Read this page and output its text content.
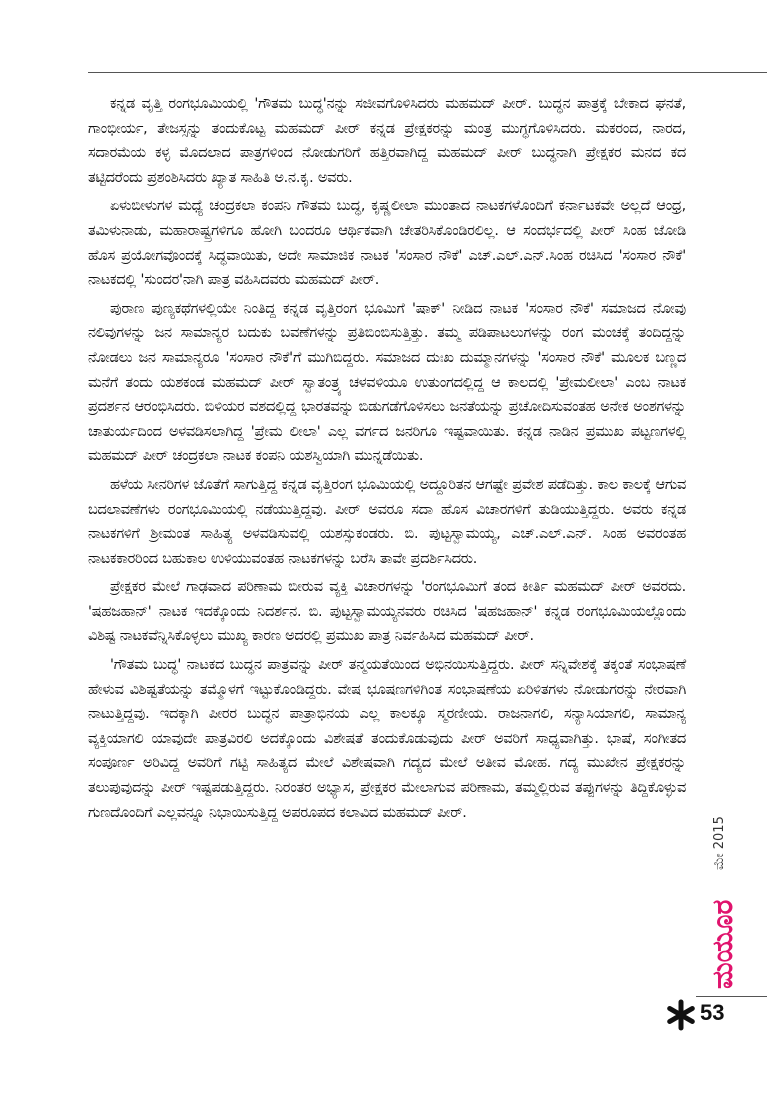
ಕನ್ನಡ ವೃತ್ತಿ ರಂಗಭೂಮಿಯಲ್ಲಿ 'ಗೌತಮ ಬುದ್ಧ'ನನ್ನು ಸಜೀವಗೊಳಿಸಿದರು ಮಹಮದ್ ಪೀರ್. ಬುದ್ಧನ ಪಾತ್ರಕ್ಕೆ ಬೇಕಾದ ಘನತೆ, ಗಾಂಭೀರ್ಯ, ತೇಜಸ್ಸನ್ನು ತಂದುಕೊಟ್ಟ ಮಹಮದ್ ಪೀರ್ ಕನ್ನಡ ಪ್ರೇಕ್ಷಕರನ್ನು ಮಂತ್ರ ಮುಗ್ಧಗೊಳಿಸಿದರು. ಮಕರಂದ, ನಾರದ, ಸದಾರಮೆಯ ಕಳ್ಳ ಮೊದಲಾದ ಪಾತ್ರಗಳಿಂದ ನೋಡುಗರಿಗೆ ಹತ್ತಿರವಾಗಿದ್ದ ಮಹಮದ್ ಪೀರ್ ಬುದ್ಧನಾಗಿ ಪ್ರೇಕ್ಷಕರ ಮನದ ಕದ ತಟ್ಟಿದರೆಂದು ಪ್ರಶಂಶಿಸಿದರು ಖ್ಯಾತ ಸಾಹಿತಿ ಅ.ನ.ಕೃ. ಅವರು.

ಏಳುಬೀಳುಗಳ ಮಧ್ಯೆ ಚಂದ್ರಕಲಾ ಕಂಪನಿ ಗೌತಮ ಬುದ್ಧ, ಕೃಷ್ಣಲೀಲಾ ಮುಂತಾದ ನಾಟಕಗಳೊಂದಿಗೆ ಕರ್ನಾಟಕವೇ ಅಲ್ಲದೆ ಆಂಧ್ರ, ತಮಿಳುನಾಡು, ಮಹಾರಾಷ್ಟ್ರಗಳಿಗೂ ಹೋಗಿ ಬಂದರೂ ಆರ್ಥಿಕವಾಗಿ ಚೇತರಿಸಿಕೊಂಡಿರಲಿಲ್ಲ. ಆ ಸಂದರ್ಭದಲ್ಲಿ ಪೀರ್ ಸಿಂಹ ಜೋಡಿ ಹೊಸ ಪ್ರಯೋಗವೊಂದಕ್ಕೆ ಸಿದ್ಧವಾಯಿತು, ಅದೇ ಸಾಮಾಜಿಕ ನಾಟಕ 'ಸಂಸಾರ ನೌಕೆ' ಎಚ್.ಎಲ್.ಎನ್.ಸಿಂಹ ರಚಿಸಿದ 'ಸಂಸಾರ ನೌಕೆ' ನಾಟಕದಲ್ಲಿ 'ಸುಂದರ'ನಾಗಿ ಪಾತ್ರ ವಹಿಸಿದವರು ಮಹಮದ್ ಪೀರ್.

ಪುರಾಣ ಪುಣ್ಯಕಥೆಗಳಲ್ಲಿಯೇ ನಿಂತಿದ್ದ ಕನ್ನಡ ವೃತ್ತಿರಂಗ ಭೂಮಿಗೆ 'ಷಾಕ್' ನೀಡಿದ ನಾಟಕ 'ಸಂಸಾರ ನೌಕೆ' ಸಮಾಜದ ನೋವು ನಲಿವುಗಳನ್ನು ಜನ ಸಾಮಾನ್ಯರ ಬದುಕು ಬವಣೆಗಳನ್ನು ಪ್ರತಿಬಿಂಬಿಸುತ್ತಿತ್ತು. ತಮ್ಮ ಪಡಿಪಾಟಲುಗಳನ್ನು ರಂಗ ಮಂಚಕ್ಕೆ ತಂದಿದ್ದನ್ನು ನೋಡಲು ಜನ ಸಾಮಾನ್ಯರೂ 'ಸಂಸಾರ ನೌಕೆ'ಗೆ ಮುಗಿಬಿದ್ದರು. ಸಮಾಜದ ದುಃಖ ದುಮ್ಮಾನಗಳನ್ನು 'ಸಂಸಾರ ನೌಕೆ' ಮೂಲಕ ಬಣ್ಣದ ಮನೆಗೆ ತಂದು ಯಶಕಂಡ ಮಹಮದ್ ಪೀರ್ ಸ್ವಾತಂತ್ರ್ಯ ಚಳವಳಿಯೂ ಉತುಂಗದಲ್ಲಿದ್ದ ಆ ಕಾಲದಲ್ಲಿ 'ಪ್ರೇಮಲೀಲಾ' ಎಂಬ ನಾಟಕ ಪ್ರದರ್ಶನ ಆರಂಭಿಸಿದರು. ಬಿಳಿಯರ ವಶದಲ್ಲಿದ್ದ ಭಾರತವನ್ನು ಬಿಡುಗಡೆಗೊಳಿಸಲು ಜನತೆಯನ್ನು ಪ್ರಚೋದಿಸುವಂತಹ ಅನೇಕ ಅಂಶಗಳನ್ನು ಚಾತುರ್ಯದಿಂದ ಅಳವಡಿಸಲಾಗಿದ್ದ 'ಪ್ರೇಮ ಲೀಲಾ' ಎಲ್ಲ ವರ್ಗದ ಜನರಿಗೂ ಇಷ್ಟವಾಯಿತು. ಕನ್ನಡ ನಾಡಿನ ಪ್ರಮುಖ ಪಟ್ಟಣಗಳಲ್ಲಿ ಮಹಮದ್ ಪೀರ್ ಚಂದ್ರಕಲಾ ನಾಟಕ ಕಂಪನಿ ಯಶಸ್ವಿಯಾಗಿ ಮುನ್ನಡೆಯಿತು.

ಹಳೆಯ ಸೀನರಿಗಳ ಜೊತೆಗೆ ಸಾಗುತ್ತಿದ್ದ ಕನ್ನಡ ವೃತ್ತಿರಂಗ ಭೂಮಿಯಲ್ಲಿ ಅದ್ದೂರಿತನ ಆಗಷ್ಟೇ ಪ್ರವೇಶ ಪಡೆದಿತ್ತು. ಕಾಲ ಕಾಲಕ್ಕೆ ಆಗುವ ಬದಲಾವಣೆಗಳು ರಂಗಭೂಮಿಯಲ್ಲಿ ನಡೆಯುತ್ತಿದ್ದವು. ಪೀರ್ ಅವರೂ ಸದಾ ಹೊಸ ವಿಚಾರಗಳಿಗೆ ತುಡಿಯುತ್ತಿದ್ದರು. ಅವರು ಕನ್ನಡ ನಾಟಕಗಳಿಗೆ ಶ್ರೀಮಂತ ಸಾಹಿತ್ಯ ಅಳವಡಿಸುವಲ್ಲಿ ಯಶಸ್ಸುಕಂಡರು. ಬಿ. ಪುಟ್ಟಸ್ವಾಮಯ್ಯ, ಎಚ್.ಎಲ್.ಎನ್. ಸಿಂಹ ಅವರಂತಹ ನಾಟಕಕಾರರಿಂದ ಬಹುಕಾಲ ಉಳಿಯುವಂತಹ ನಾಟಕಗಳನ್ನು ಬರೆಸಿ ತಾವೇ ಪ್ರದರ್ಶಿಸಿದರು.

ಪ್ರೇಕ್ಷಕರ ಮೇಲೆ ಗಾಢವಾದ ಪರಿಣಾಮ ಬೀರುವ ವ್ಯಕ್ತಿ ವಿಚಾರಗಳನ್ನು 'ರಂಗಭೂಮಿಗೆ ತಂದ ಕೀರ್ತಿ ಮಹಮದ್ ಪೀರ್ ಅವರದು. 'ಷಹಜಹಾನ್' ನಾಟಕ ಇದಕ್ಕೊಂದು ನಿದರ್ಶನ. ಬಿ. ಪುಟ್ಟಸ್ವಾಮಯ್ಯನವರು ರಚಿಸಿದ 'ಷಹಜಹಾನ್' ಕನ್ನಡ ರಂಗಭೂಮಿಯಲ್ಲೊಂದು ವಿಶಿಷ್ಟ ನಾಟಕವೆನ್ನಿಸಿಕೊಳ್ಳಲು ಮುಖ್ಯ ಕಾರಣ ಅದರಲ್ಲಿ ಪ್ರಮುಖ ಪಾತ್ರ ನಿರ್ವಹಿಸಿದ ಮಹಮದ್ ಪೀರ್.

'ಗೌತಮ ಬುದ್ಧ' ನಾಟಕದ ಬುದ್ಧನ ಪಾತ್ರವನ್ನು ಪೀರ್ ತನ್ಮಯತೆಯಿಂದ ಅಭಿನಯಿಸುತ್ತಿದ್ದರು. ಪೀರ್ ಸನ್ನಿವೇಶಕ್ಕೆ ತಕ್ಕಂತೆ ಸಂಭಾಷಣೆ ಹೇಳುವ ವಿಶಿಷ್ಟತೆಯನ್ನು ತಮ್ಮೊಳಗೆ ಇಟ್ಟುಕೊಂಡಿದ್ದರು. ವೇಷ ಭೂಷಣಗಳಿಗಿಂತ ಸಂಭಾಷಣೆಯ ಏರಿಳಿತಗಳು ನೋಡುಗರನ್ನು ನೇರವಾಗಿ ನಾಟುತ್ತಿದ್ದವು. ಇದಕ್ಕಾಗಿ ಪೀರರ ಬುದ್ಧನ ಪಾತ್ರಾಭಿನಯ ಎಲ್ಲ ಕಾಲಕ್ಕೂ ಸ್ಮರಣೀಯ. ರಾಜನಾಗಲಿ, ಸನ್ಯಾಸಿಯಾಗಲಿ, ಸಾಮಾನ್ಯ ವ್ಯಕ್ತಿಯಾಗಲಿ ಯಾವುದೇ ಪಾತ್ರವಿರಲಿ ಅದಕ್ಕೊಂದು ವಿಶೇಷತೆ ತಂದುಕೊಡುವುದು ಪೀರ್ ಅವರಿಗೆ ಸಾಧ್ಯವಾಗಿತ್ತು. ಭಾಷೆ, ಸಂಗೀತದ ಸಂಪೂರ್ಣ ಅರಿವಿದ್ದ ಅವರಿಗೆ ಗಟ್ಟಿ ಸಾಹಿತ್ಯದ ಮೇಲೆ ವಿಶೇಷವಾಗಿ ಗದ್ಯದ ಮೇಲೆ ಅತೀವ ಮೋಹ. ಗದ್ಯ ಮುಖೇನ ಪ್ರೇಕ್ಷಕರನ್ನು ತಲುಪುವುದನ್ನು ಪೀರ್ ಇಷ್ಟಪಡುತ್ತಿದ್ದರು. ನಿರಂತರ ಅಭ್ಯಾಸ, ಪ್ರೇಕ್ಷಕರ ಮೇಲಾಗುವ ಪರಿಣಾಮ, ತಮ್ಮಲ್ಲಿರುವ ತಪ್ಪುಗಳನ್ನು ತಿದ್ದಿಕೊಳ್ಳುವ ಗುಣದೊಂದಿಗೆ ಎಲ್ಲವನ್ನೂ ನಿಭಾಯಿಸುತ್ತಿದ್ದ ಅಪರೂಪದ ಕಲಾವಿದ ಮಹಮದ್ ಪೀರ್.

ಮೇ 2015
ಮಯೂರ
53
